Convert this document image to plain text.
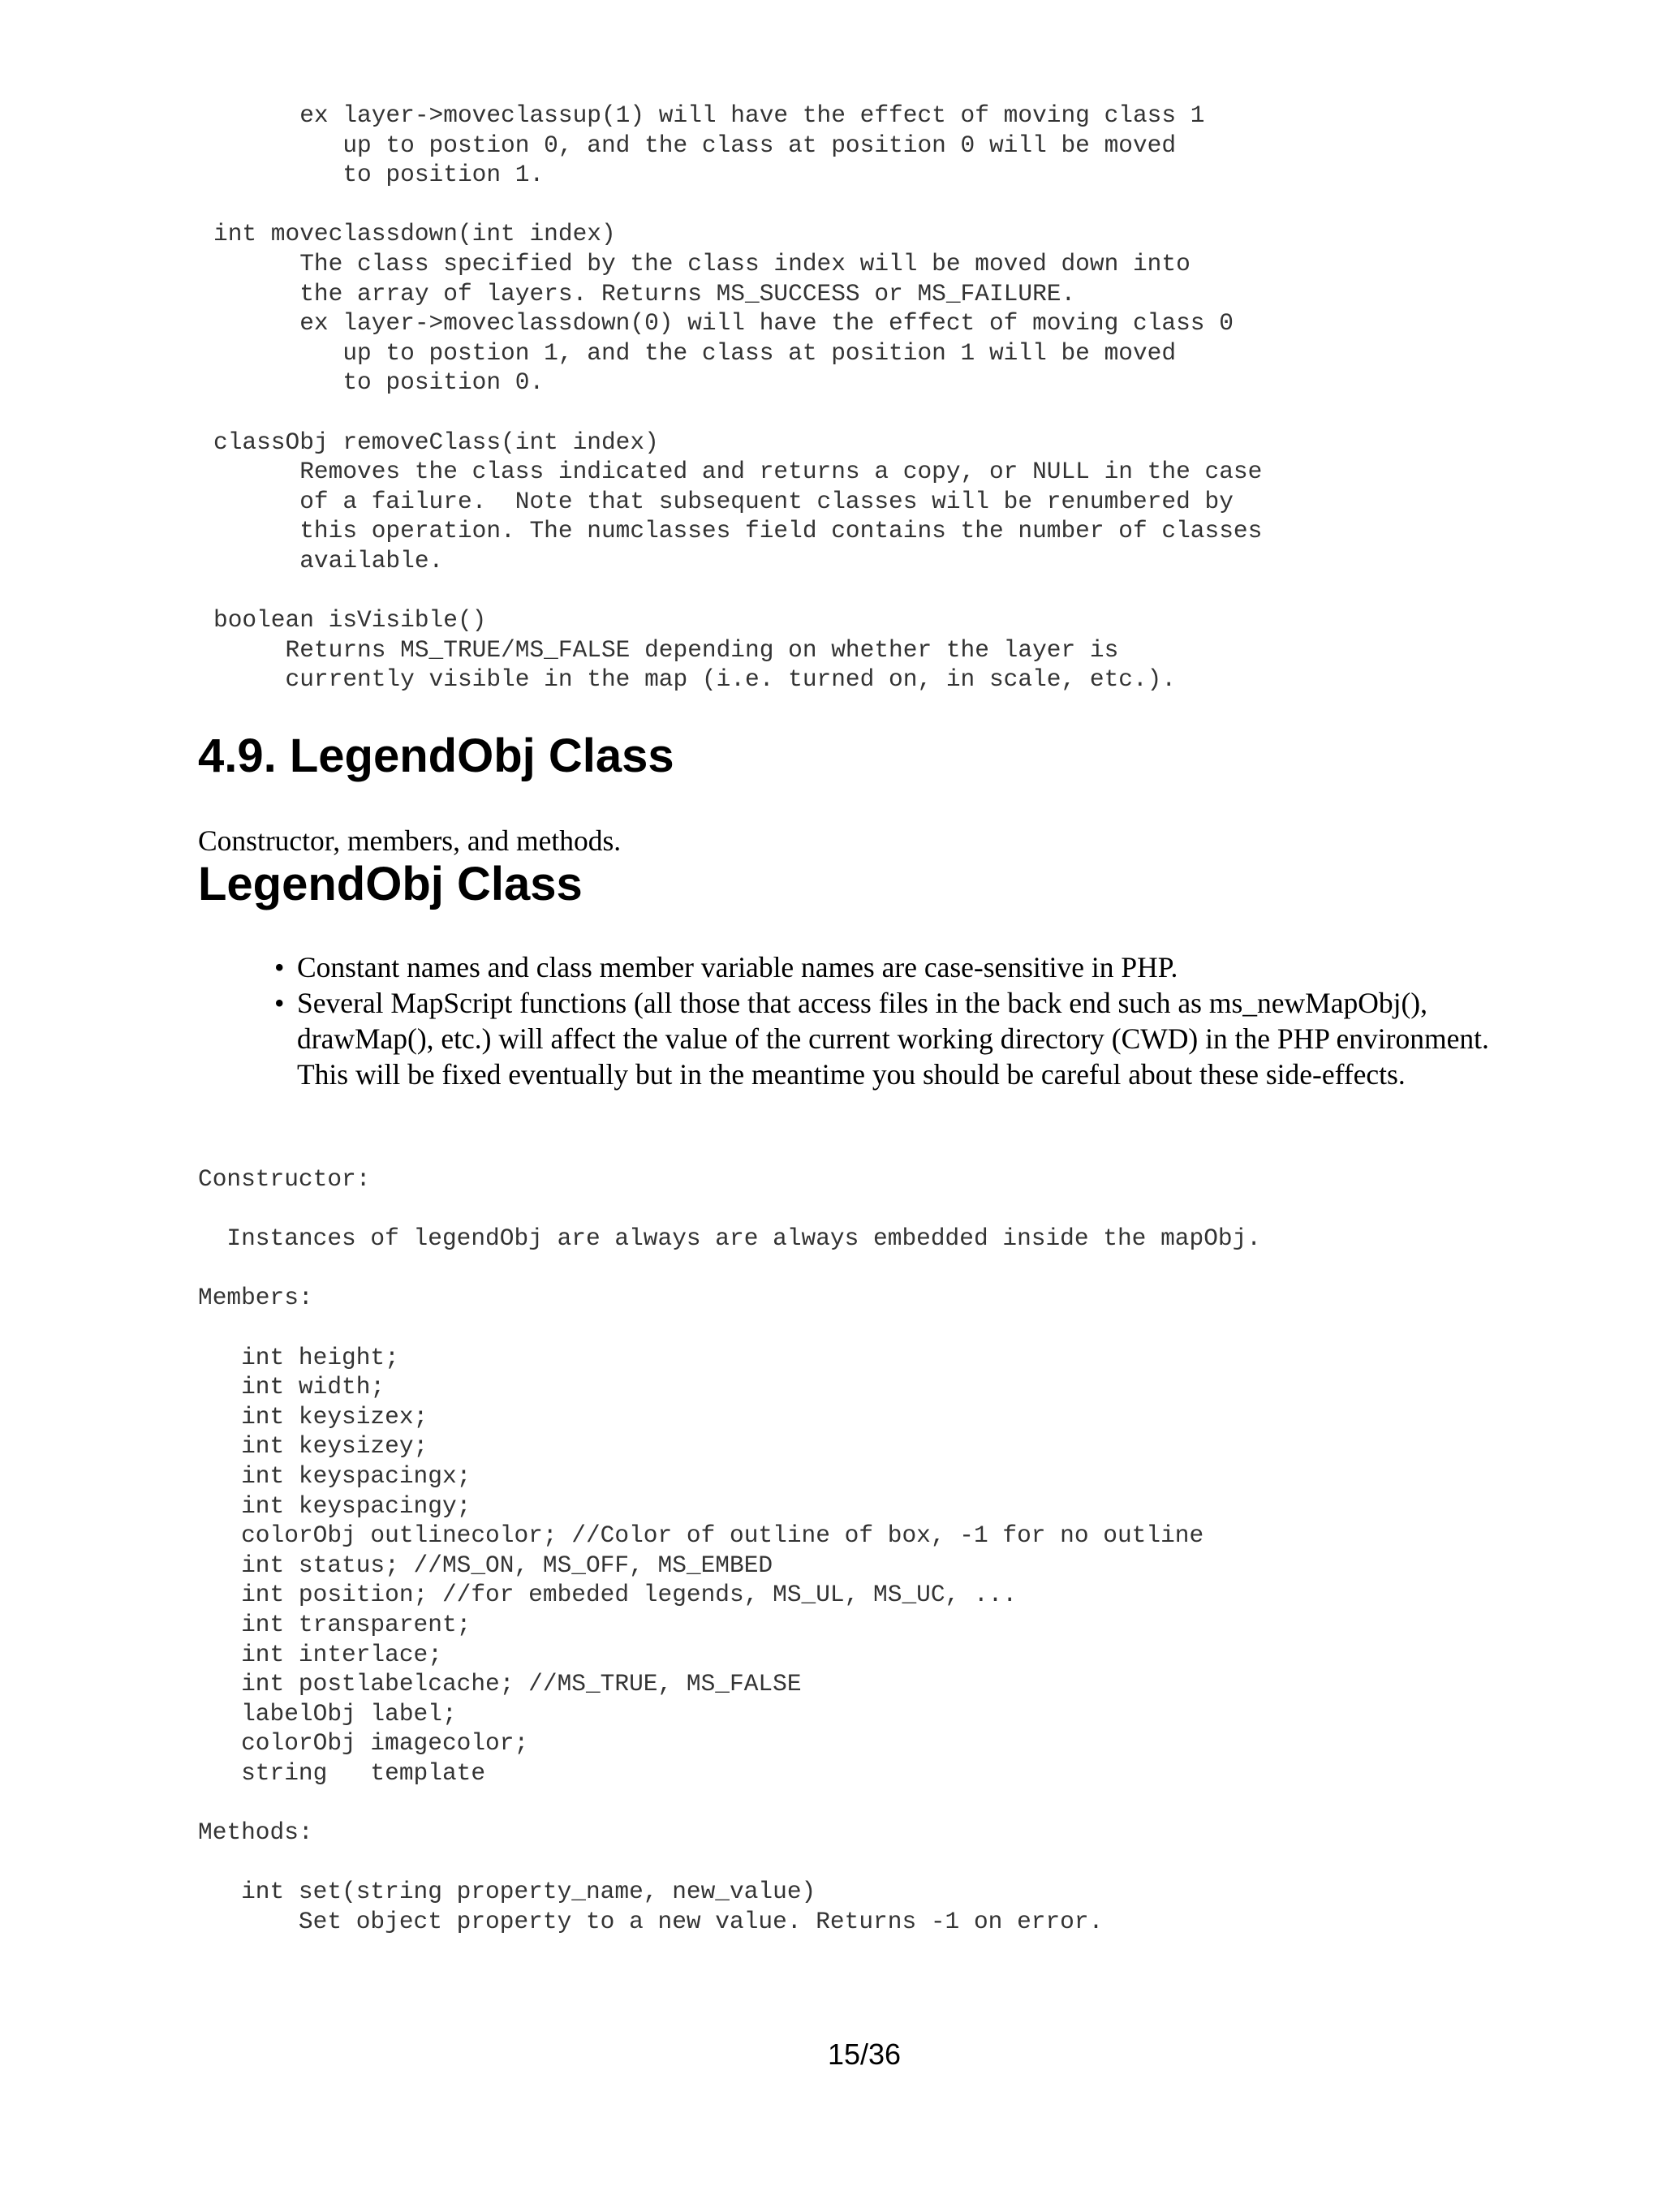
ex layer->moveclassup(1) will have the effect of moving class 1
up to postion 0, and the class at position 0 will be moved
to position 1.

int moveclassdown(int index)
The class specified by the class index will be moved down into
the array of layers. Returns MS_SUCCESS or MS_FAILURE.
ex layer->moveclassdown(0) will have the effect of moving class 0
up to postion 1, and the class at position 1 will be moved
to position 0.

classObj removeClass(int index)
Removes the class indicated and returns a copy, or NULL in the case
of a failure.  Note that subsequent classes will be renumbered by
this operation. The numclasses field contains the number of classes
available.

boolean isVisible()
Returns MS_TRUE/MS_FALSE depending on whether the layer is
currently visible in the map (i.e. turned on, in scale, etc.).
4.9. LegendObj Class

Constructor, members, and methods.

LegendObj Class
• Constant names and class member variable names are case-sensitive in PHP.
• Several MapScript functions (all those that access files in the back end such as ms_newMapObj(), drawMap(), etc.) will affect the value of the current working directory (CWD) in the PHP environment. This will be fixed eventually but in the meantime you should be careful about these side-effects.
Constructor:

Instances of legendObj are always are always embedded inside the mapObj.

Members:

int height;
int width;
int keysizex;
int keysizey;
int keyspacingx;
int keyspacingy;
colorObj outlinecolor; //Color of outline of box, -1 for no outline
int status; //MS_ON, MS_OFF, MS_EMBED
int position; //for embeded legends, MS_UL, MS_UC, ...
int transparent;
int interlace;
int postlabelcache; //MS_TRUE, MS_FALSE
labelObj label;
colorObj imagecolor;
string   template

Methods:

int set(string property_name, new_value)
Set object property to a new value. Returns -1 on error.

15/36
